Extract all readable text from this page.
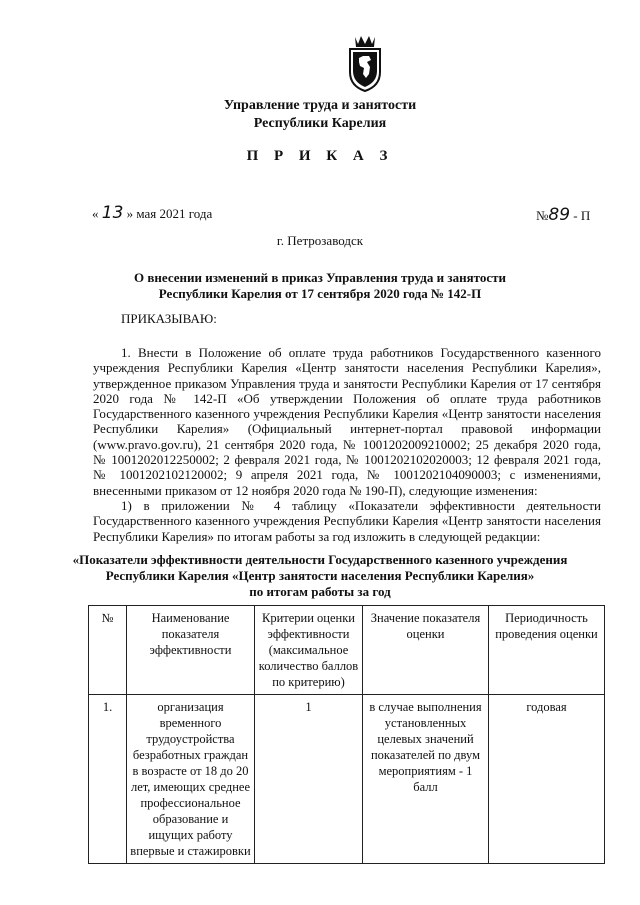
Управление труда и занятости
Республики Карелия
П Р И К А З
« 13 » мая 2021 года	№89 - П
г. Петрозаводск
О внесении изменений в приказ Управления труда и занятости
Республики Карелия от 17 сентября 2020 года № 142-П
ПРИКАЗЫВАЮ:
1. Внести в Положение об оплате труда работников Государственного казенного
учреждения Республики Карелия «Центр занятости населения Республики Карелия»,
утвержденное приказом Управления труда и занятости Республики Карелия от 17 сентября
2020 года № 142-П «Об утверждении Положения об оплате труда работников
Государственного казенного учреждения Республики Карелия «Центр занятости населения
Республики Карелия» (Официальный интернет-портал правовой информации
(www.pravo.gov.ru), 21 сентября 2020 года, № 1001202009210002; 25 декабря 2020 года,
№ 1001202012250002; 2 февраля 2021 года, № 1001202102020003; 12 февраля 2021 года,
№ 1001202102120002; 9 апреля 2021 года, № 1001202104090003; с изменениями,
внесенными приказом от 12 ноября 2020 года № 190-П), следующие изменения:
1) в приложении № 4 таблицу «Показатели эффективности деятельности
Государственного казенного учреждения Республики Карелия «Центр занятости населения
Республики Карелия» по итогам работы за год изложить в следующей редакции:
«Показатели эффективности деятельности Государственного казенного учреждения
Республики Карелия «Центр занятости населения Республики Карелия»
по итогам работы за год
№	Наименование показателя эффективности	Критерии оценки эффективности (максимальное количество баллов по критерию)	Значение показателя оценки	Периодичность проведения оценки
1.	организация временного трудоустройства безработных граждан в возрасте от 18 до 20 лет, имеющих среднее профессиональное образование и ищущих работу впервые и стажировки	1	в случае выполнения установленных целевых значений показателей по двум мероприятиям - 1 балл	годовая
